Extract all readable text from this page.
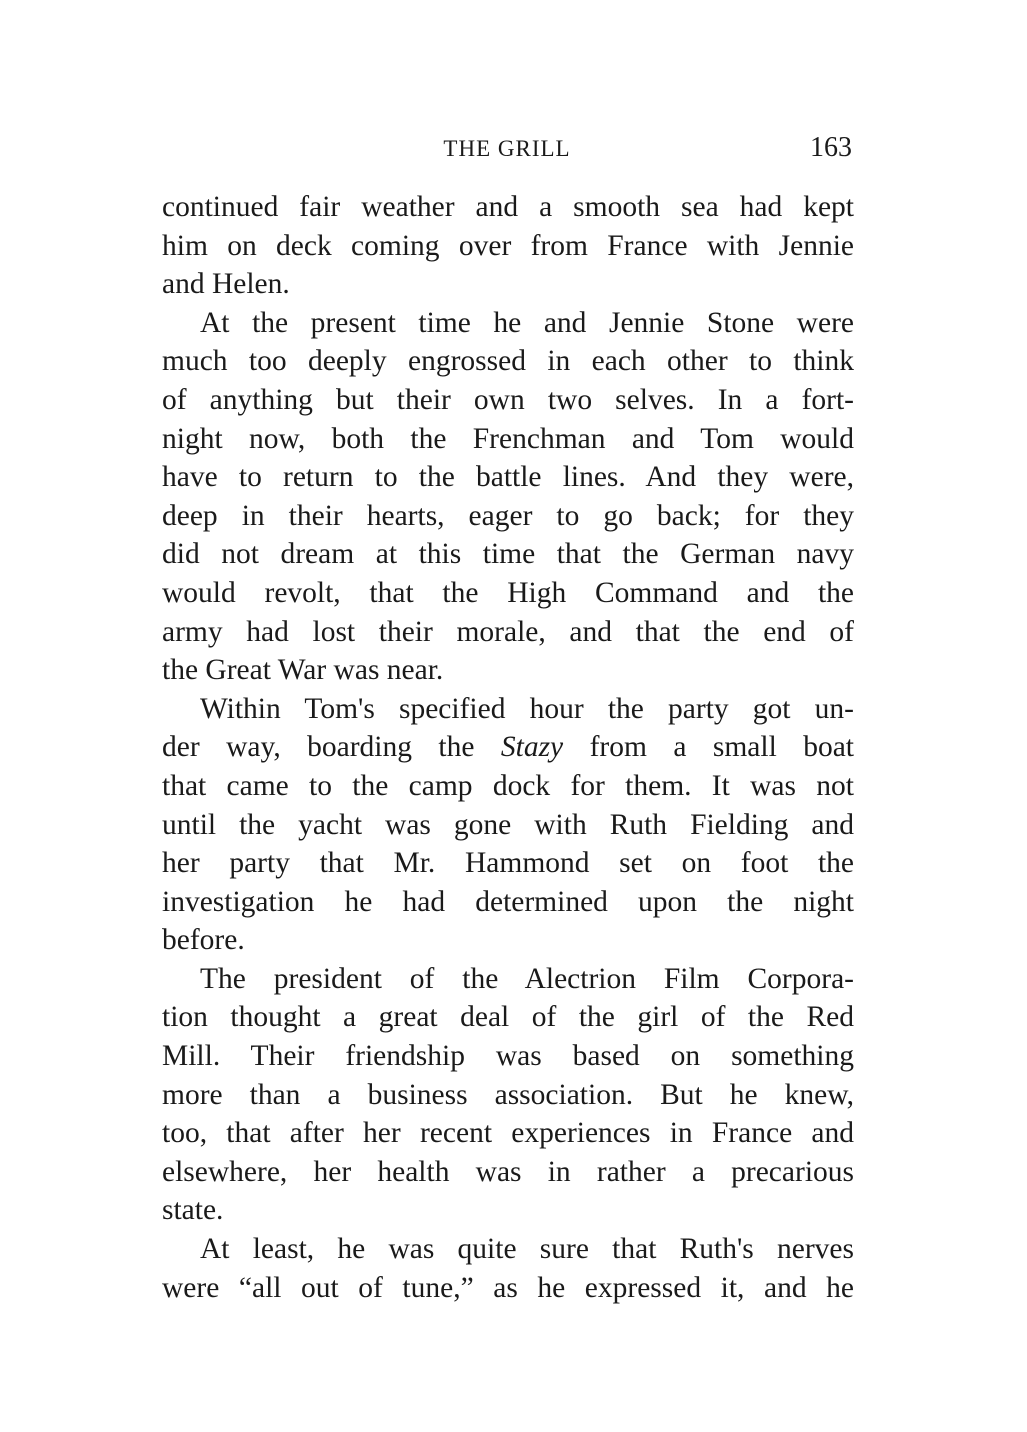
THE GRILL	163
continued fair weather and a smooth sea had kept
him on deck coming over from France with Jennie
and Helen.
At the present time he and Jennie Stone were
much too deeply engrossed in each other to think
of anything but their own two selves. In a fort-
night now, both the Frenchman and Tom would
have to return to the battle lines. And they were,
deep in their hearts, eager to go back; for they
did not dream at this time that the German navy
would revolt, that the High Command and the
army had lost their morale, and that the end of
the Great War was near.
Within Tom's specified hour the party got un-
der way, boarding the Stazy from a small boat
that came to the camp dock for them. It was not
until the yacht was gone with Ruth Fielding and
her party that Mr. Hammond set on foot the
investigation he had determined upon the night
before.
The president of the Alectrion Film Corpora-
tion thought a great deal of the girl of the Red
Mill. Their friendship was based on something
more than a business association. But he knew,
too, that after her recent experiences in France and
elsewhere, her health was in rather a precarious
state.
At least, he was quite sure that Ruth's nerves
were “all out of tune,” as he expressed it, and he
